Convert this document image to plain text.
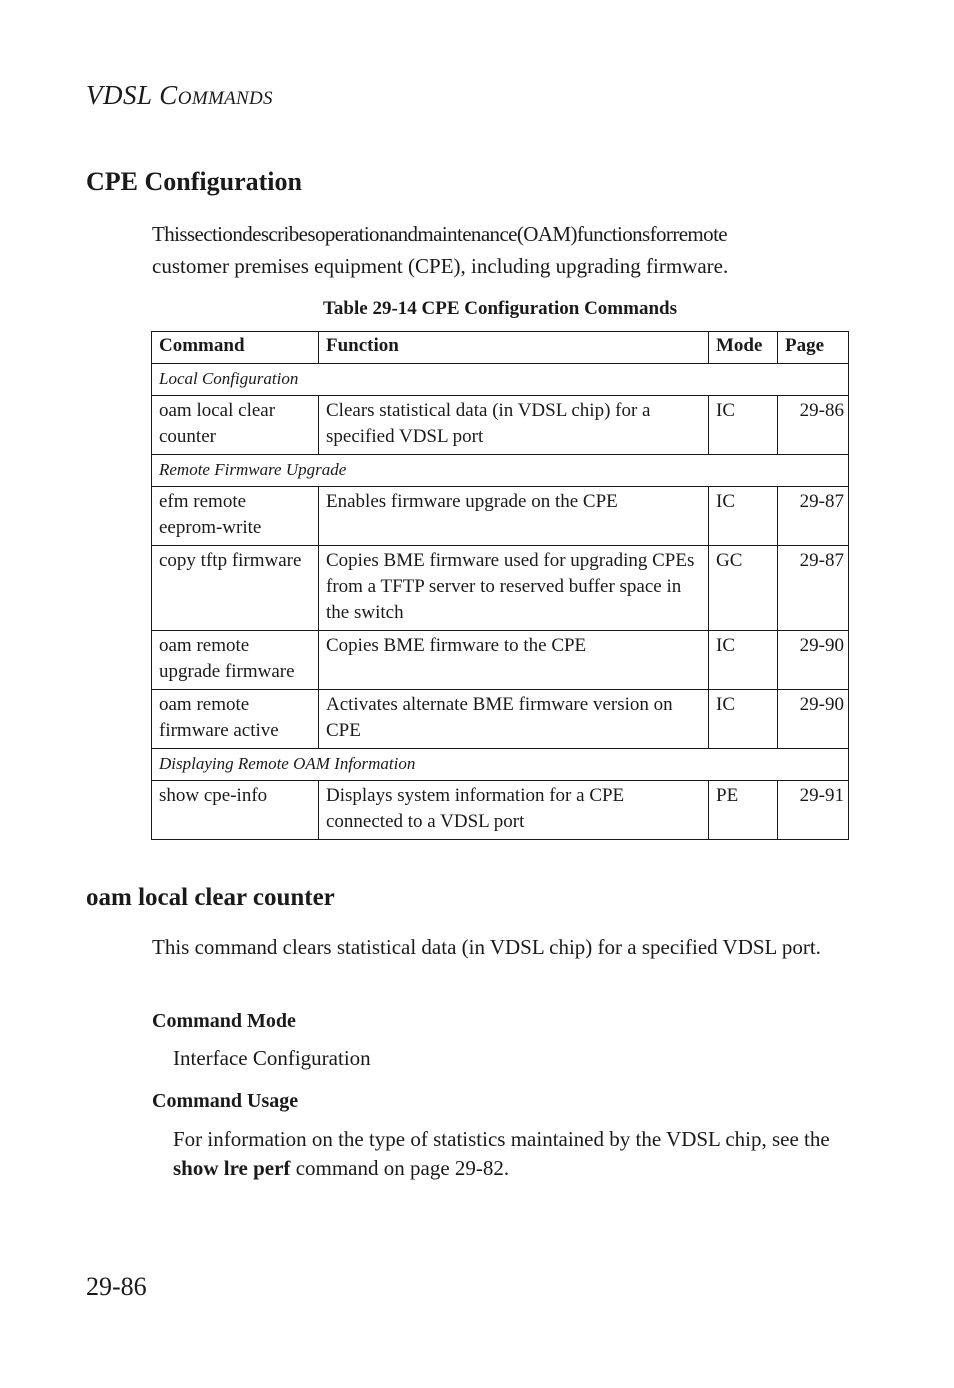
VDSL COMMANDS
CPE Configuration
Thissectiondescribesoperationandmaintenance(OAM)functionsforremote
customer premises equipment (CPE), including upgrading firmware.
Table 29-14 CPE Configuration Commands
Command	Function	Mode	Page
Local Configuration			
oam local clear counter	Clears statistical data (in VDSL chip) for a specified VDSL port	IC	29-86
Remote Firmware Upgrade			
efm remote eeprom-write	Enables firmware upgrade on the CPE	IC	29-87
copy tftp firmware	Copies BME firmware used for upgrading CPEs from a TFTP server to reserved buffer space in the switch	GC	29-87
oam remote upgrade firmware	Copies BME firmware to the CPE	IC	29-90
oam remote firmware active	Activates alternate BME firmware version on CPE	IC	29-90
Displaying Remote OAM Information			
show cpe-info	Displays system information for a CPE connected to a VDSL port	PE	29-91
oam local clear counter
This command clears statistical data (in VDSL chip) for a specified VDSL port.
Command Mode
Interface Configuration
Command Usage
For information on the type of statistics maintained by the VDSL chip, see the show lre perf command on page 29-82.
29-86
